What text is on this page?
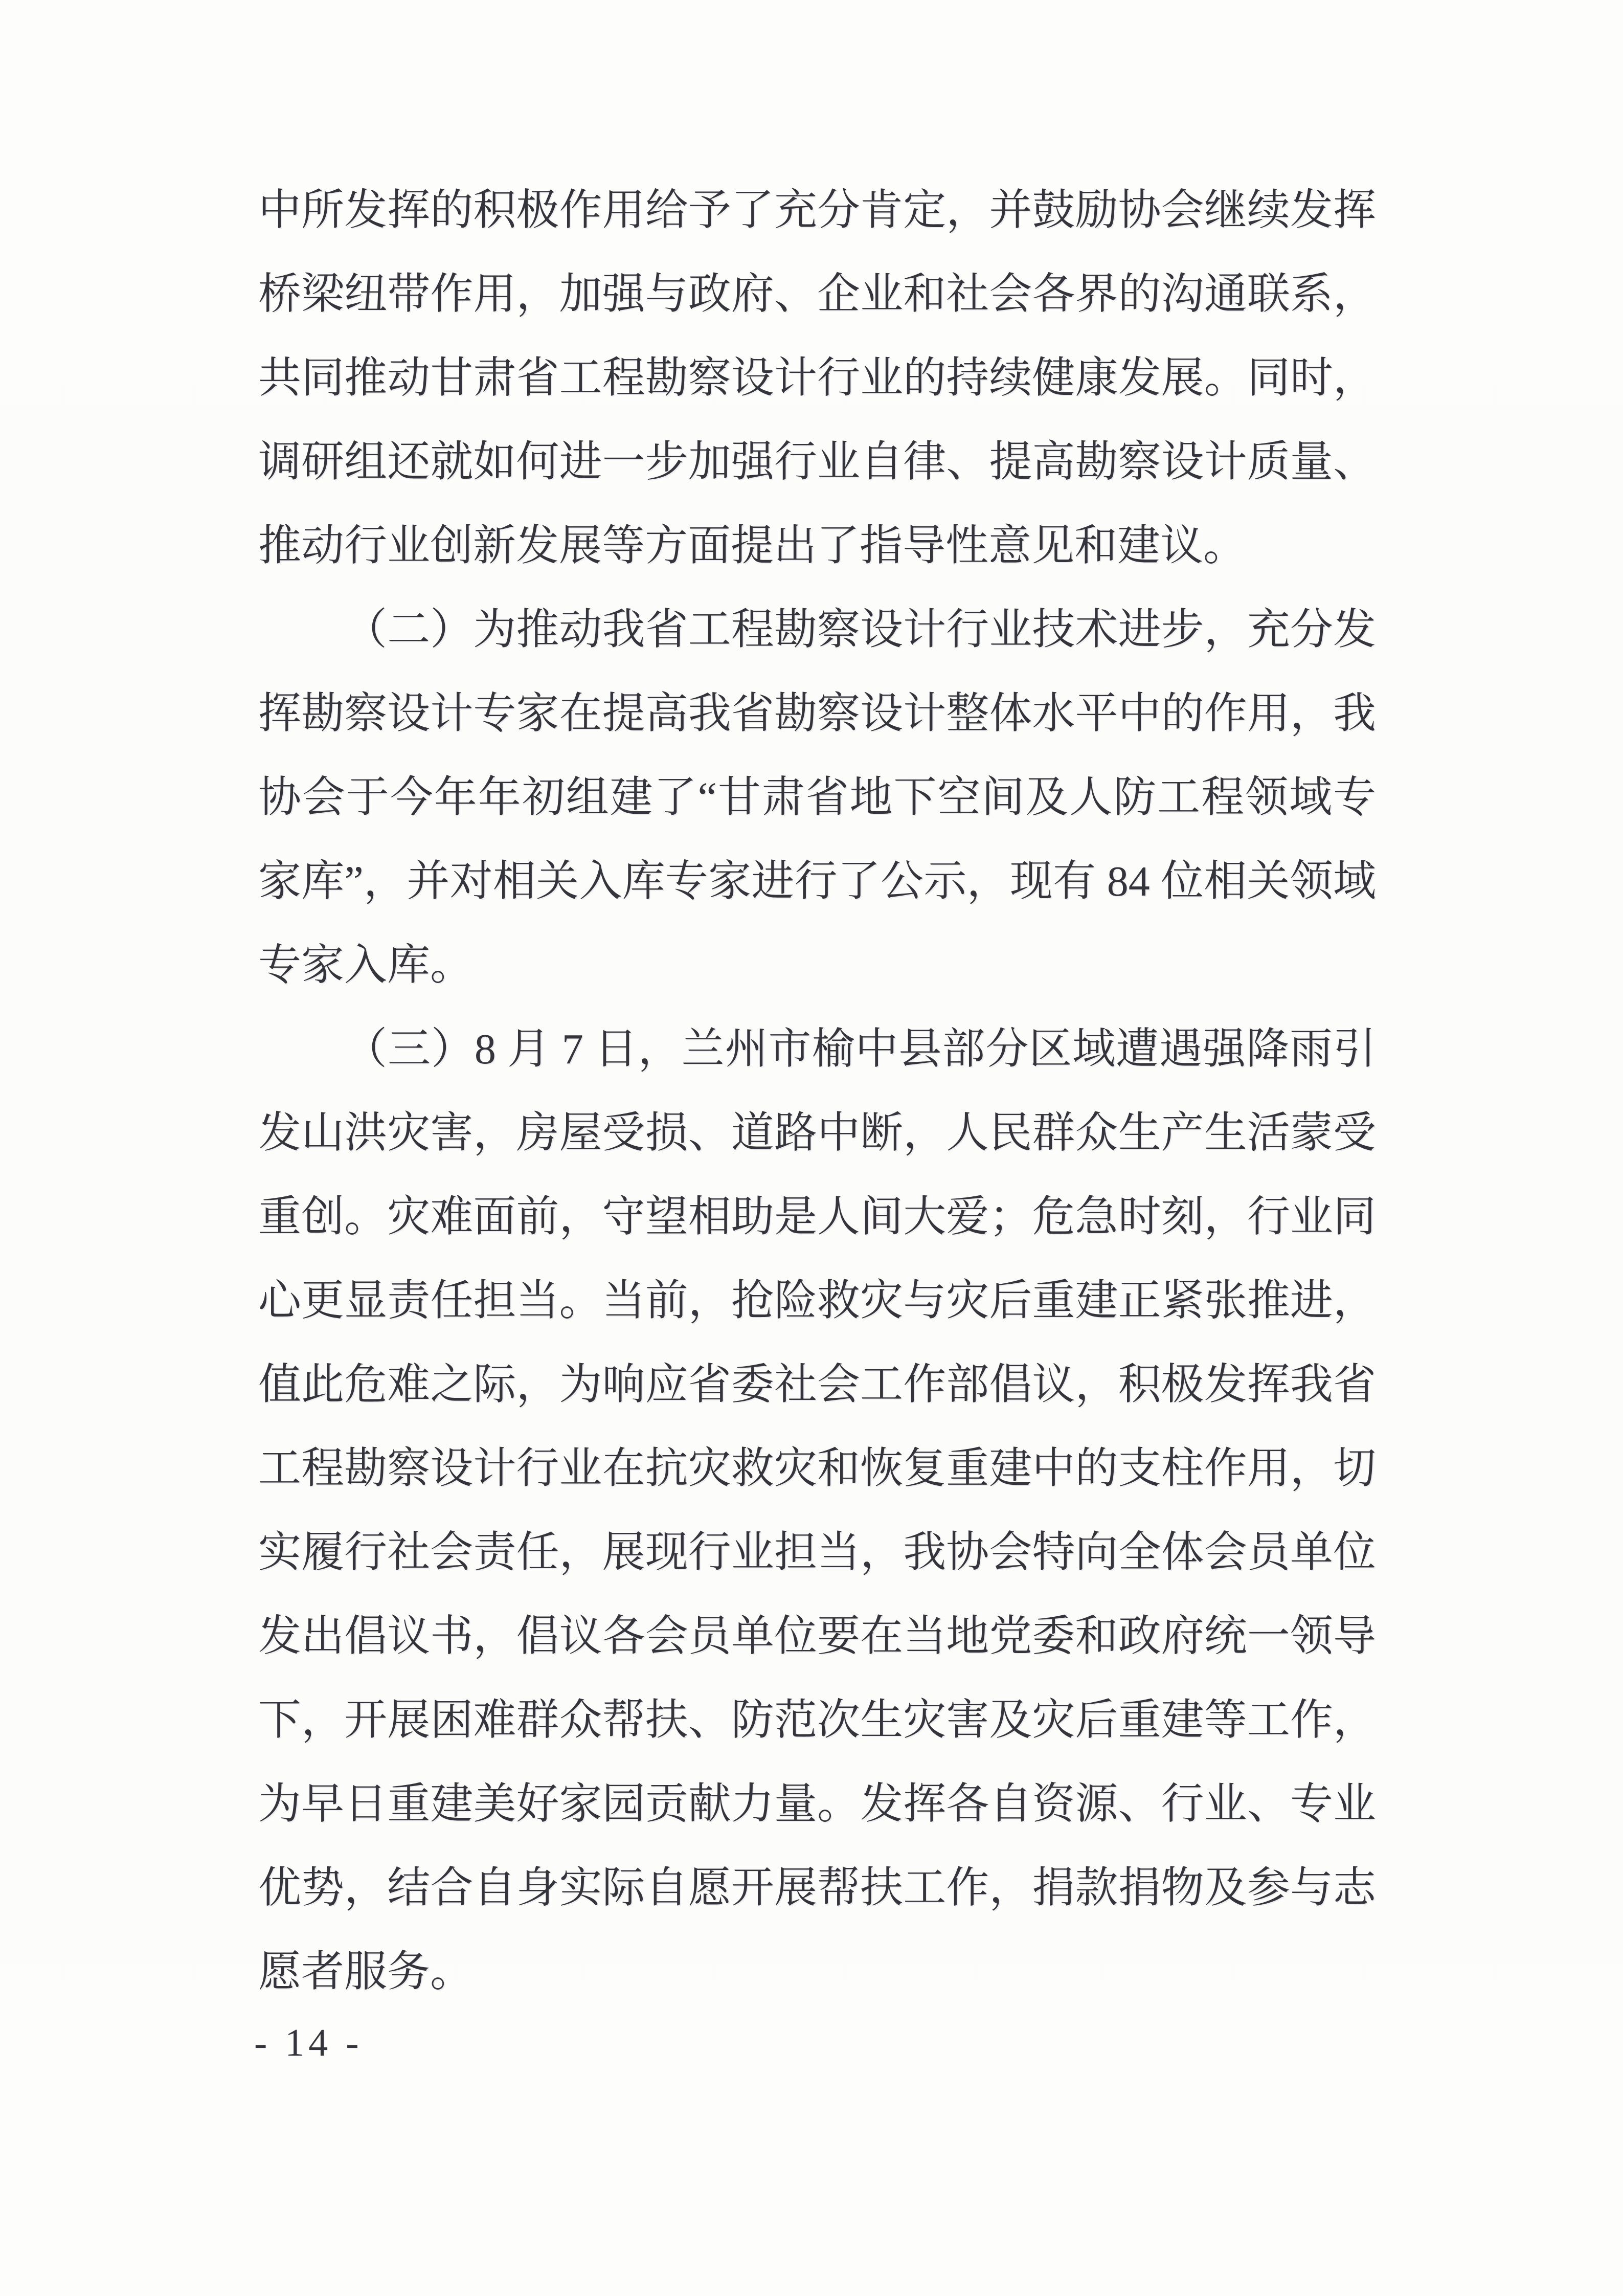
中所发挥的积极作用给予了充分肯定，并鼓励协会继续发挥桥梁纽带作用，加强与政府、企业和社会各界的沟通联系，共同推动甘肃省工程勘察设计行业的持续健康发展。同时，调研组还就如何进一步加强行业自律、提高勘察设计质量、推动行业创新发展等方面提出了指导性意见和建议。

（二）为推动我省工程勘察设计行业技术进步，充分发挥勘察设计专家在提高我省勘察设计整体水平中的作用，我协会于今年年初组建了“甘肃省地下空间及人防工程领域专家库”，并对相关入库专家进行了公示，现有 84 位相关领域专家入库。

（三）8 月 7 日，兰州市榆中县部分区域遭遇强降雨引发山洪灾害，房屋受损、道路中断，人民群众生产生活蒙受重创。灾难面前，守望相助是人间大爱；危急时刻，行业同心更显责任担当。当前，抢险救灾与灾后重建正紧张推进，值此危难之际，为响应省委社会工作部倡议，积极发挥我省工程勘察设计行业在抗灾救灾和恢复重建中的支柱作用，切实履行社会责任，展现行业担当，我协会特向全体会员单位发出倡议书，倡议各会员单位要在当地党委和政府统一领导下，开展困难群众帮扶、防范次生灾害及灾后重建等工作，为早日重建美好家园贡献力量。发挥各自资源、行业、专业优势，结合自身实际自愿开展帮扶工作，捐款捐物及参与志愿者服务。

- 14 -
